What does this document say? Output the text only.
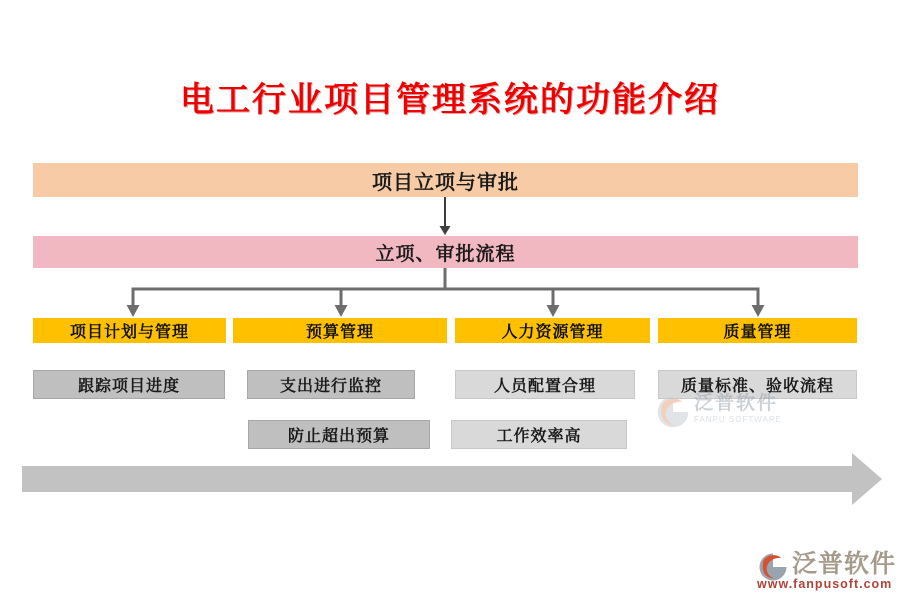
电工行业项目管理系统的功能介绍
项目立项与审批
立项、审批流程
项目计划与管理
跟踪项目进度
预算管理
支出进行监控
防止超出预算
人力资源管理
人员配置合理
工作效率高
质量管理
质量标准、验收流程
泛普软件
FANPU SOFTWARE
泛普软件
www.fanpusoft.com
